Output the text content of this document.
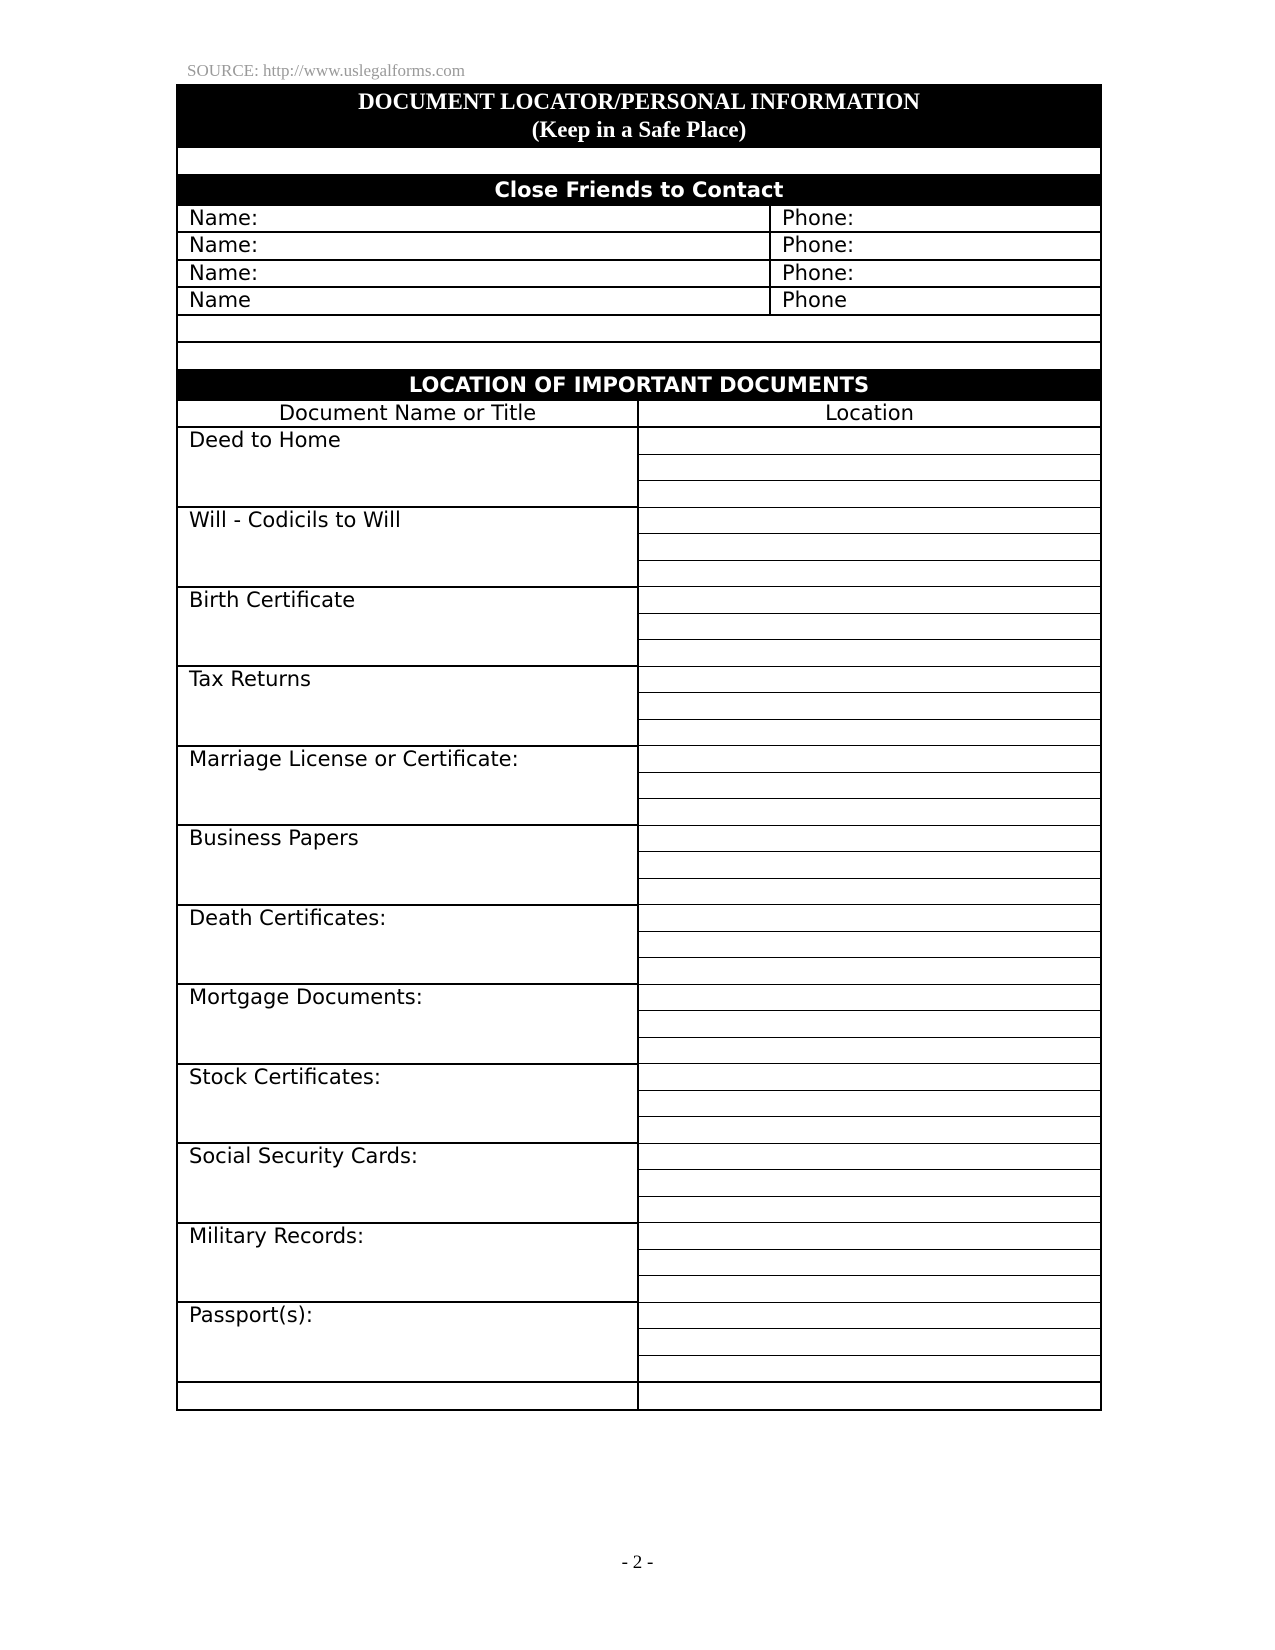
SOURCE: http://www.uslegalforms.com
DOCUMENT LOCATOR/PERSONAL INFORMATION
(Keep in a Safe Place)		

Close Friends to Contact		
Name:		Phone:
Name:		Phone:
Name:		Phone:
Name		Phone

LOCATION OF IMPORTANT DOCUMENTS		
Document Name or Title	Location	
Deed to Home		

Will - Codicils to Will		

Birth Certificate		

Tax Returns		

Marriage License or Certificate:		

Business Papers		

Death Certificates:		

Mortgage Documents:		

Stock Certificates:		

Social Security Cards:		

Military Records:		

Passport(s):		

- 2 -
